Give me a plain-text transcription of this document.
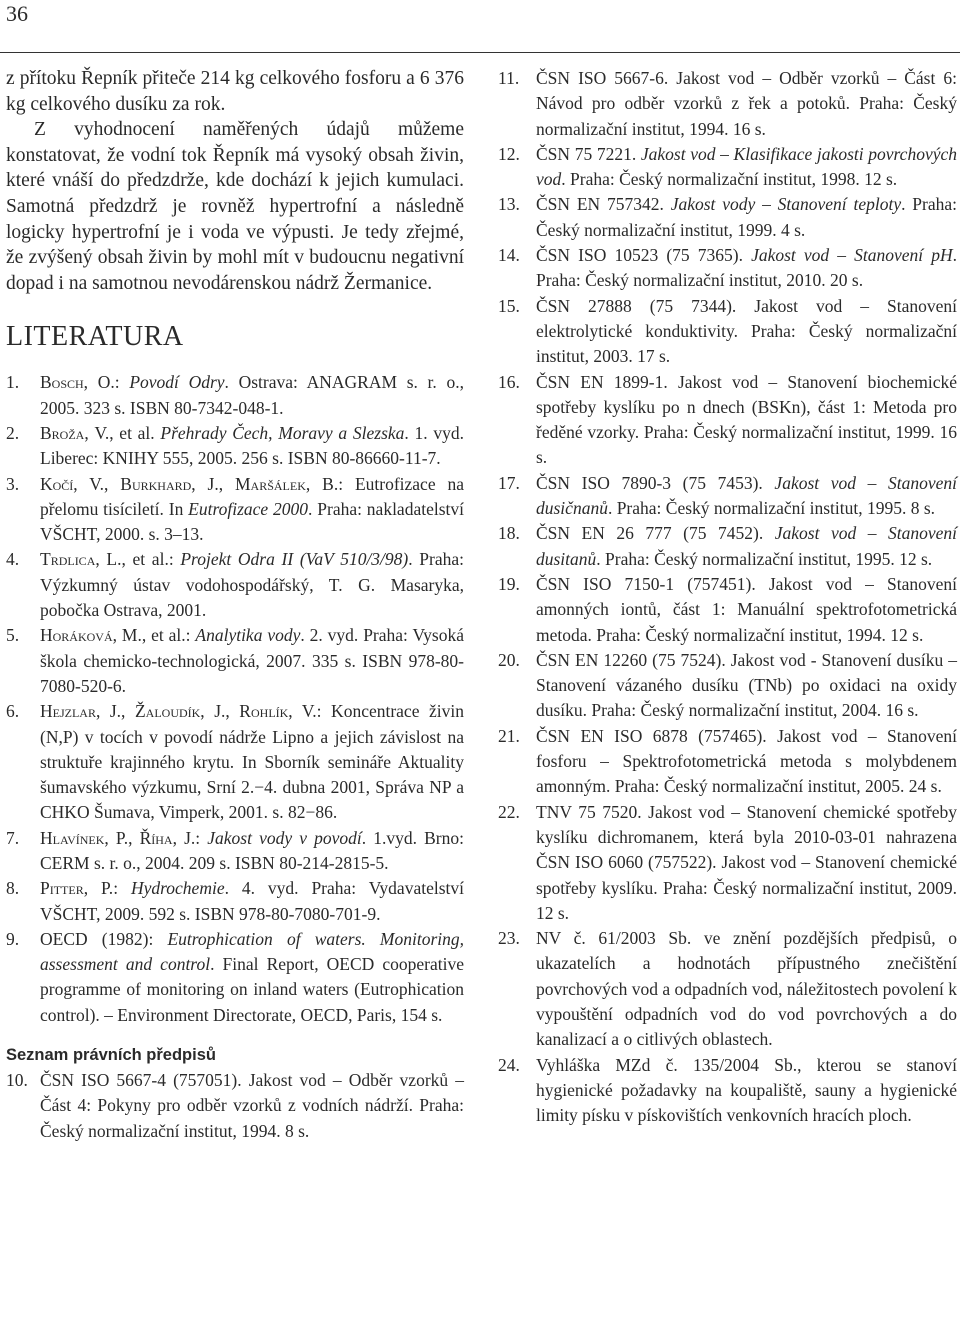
36

z přítoku Řepník přiteče 214 kg celkového fosforu a 6 376 kg celkového dusíku za rok.

Z vyhodnocení naměřených údajů můžeme konstatovat, že vodní tok Řepník má vysoký obsah živin, které vnáší do předzdrže, kde dochází k jejich kumulaci. Samotná předzdrž je rovněž hypertrofní a následně logicky hypertrofní je i voda ve výpusti. Je tedy zřejmé, že zvýšený obsah živin by mohl mít v budoucnu negativní dopad i na samotnou nevodárenskou nádrž Žermanice.

LITERATURA
1.	Bosch, O.: Povodí Odry. Ostrava: ANAGRAM s. r. o., 2005. 323 s. ISBN 80-7342-048-1.
2.	Brožа, V., et al. Přehrady Čech, Moravy a Slezska. 1. vyd. Liberec: KNIHY 555, 2005. 256 s. ISBN 80-86660-11-7.
3.	Kočí, V., Burkhard, J., Maršálek, B.: Eutrofizace na přelomu tisíciletí. In Eutrofizace 2000. Praha: nakladatelství VŠCHT, 2000. s. 3–13.
4.	Trdlica, L., et al.: Projekt Odra II (VaV 510/3/98). Praha: Výzkumný ústav vodohospodářský, T. G. Masaryka, pobočka Ostrava, 2001.
5.	Horáková, M., et al.: Analytika vody. 2. vyd. Praha: Vysoká škola chemicko-technologická, 2007. 335 s. ISBN 978-80-7080-520-6.
6.	Hejzlar, J., Žaloudík, J., Rohlík, V.: Koncentrace živin (N,P) v tocích v povodí nádrže Lipno a jejich závislost na struktuře krajinného krytu. In Sborník semináře Aktuality šumavského výzkumu, Srní 2.−4. dubna 2001, Správa NP a CHKO Šumava, Vimperk, 2001. s. 82−86.
7.	Hlavínek, P., Říha, J.: Jakost vody v povodí. 1.vyd. Brno: CERM s. r. o., 2004. 209 s. ISBN 80-214-2815-5.
8.	Pitter, P.: Hydrochemie. 4. vyd. Praha: Vydavatelství VŠCHT, 2009. 592 s. ISBN 978-80-7080-701-9.
9.	OECD (1982): Eutrophication of waters. Monitoring, assessment and control. Final Report, OECD cooperative programme of monitoring on inland waters (Eutrophication control). – Environment Directorate, OECD, Paris, 154 s.
Seznam právních předpisů
10. ČSN ISO 5667-4 (757051). Jakost vod – Odběr vzorků – Část 4: Pokyny pro odběr vzorků z vodních nádrží. Praha: Český normalizační institut, 1994. 8 s.
11. ČSN ISO 5667-6. Jakost vod – Odběr vzorků – Část 6: Návod pro odběr vzorků z řek a potoků. Praha: Český normalizační institut, 1994. 16 s.
12. ČSN 75 7221. Jakost vod – Klasifikace jakosti povrchových vod. Praha: Český normalizační institut, 1998. 12 s.
13. ČSN EN 757342. Jakost vody – Stanovení teploty. Praha: Český normalizační institut, 1999. 4 s.
14. ČSN ISO 10523 (75 7365). Jakost vod – Stanovení pH. Praha: Český normalizační institut, 2010. 20 s.
15. ČSN 27888 (75 7344). Jakost vod – Stanovení elektrolytické konduktivity. Praha: Český normalizační institut, 2003. 17 s.
16. ČSN EN 1899-1. Jakost vod – Stanovení biochemické spotřeby kyslíku po n dnech (BSKn), část 1: Metoda pro ředěné vzorky. Praha: Český normalizační institut, 1999. 16 s.
17. ČSN ISO 7890-3 (75 7453). Jakost vod – Stanovení dusičnanů. Praha: Český normalizační institut, 1995. 8 s.
18. ČSN EN 26 777 (75 7452). Jakost vod – Stanovení dusitanů. Praha: Český normalizační institut, 1995. 12 s.
19. ČSN ISO 7150-1 (757451). Jakost vod – Stanovení amonných iontů, část 1: Manuální spektrofotometrická metoda. Praha: Český normalizační institut, 1994. 12 s.
20. ČSN EN 12260 (75 7524). Jakost vod - Stanovení dusíku – Stanovení vázaného dusíku (TNb) po oxidaci na oxidy dusíku. Praha: Český normalizační institut, 2004. 16 s.
21. ČSN EN ISO 6878 (757465). Jakost vod – Stanovení fosforu – Spektrofotometrická metoda s molybdenem amonným. Praha: Český normalizační institut, 2005. 24 s.
22. TNV 75 7520. Jakost vod – Stanovení chemické spotřeby kyslíku dichromanem, která byla 2010-03-01 nahrazena ČSN ISO 6060 (757522). Jakost vod – Stanovení chemické spotřeby kyslíku. Praha: Český normalizační institut, 2009. 12 s.
23. NV č. 61/2003 Sb. ve znění pozdějších předpisů, o ukazatelích a hodnotách přípustného znečištění povrchových vod a odpadních vod, náležitostech povolení k vypouštění odpadních vod do vod povrchových a do kanalizací a o citlivých oblastech.
24. Vyhláška MZd č. 135/2004 Sb., kterou se stanoví hygienické požadavky na koupaliště, sauny a hygienické limity písku v pískovištích venkovních hracích ploch.
